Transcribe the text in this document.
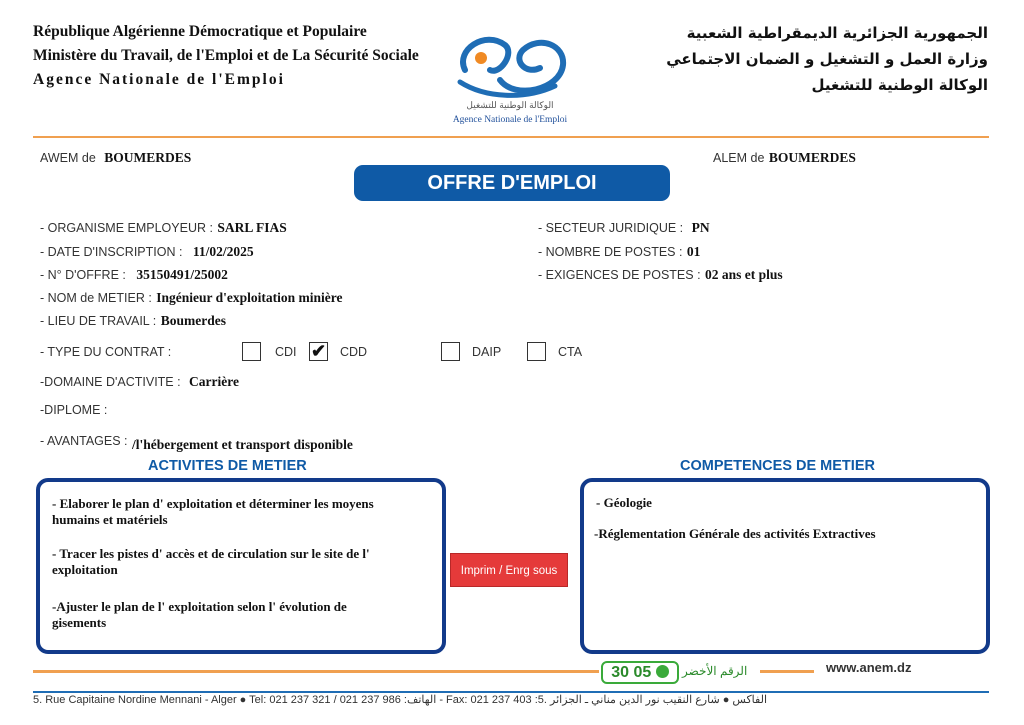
République Algérienne Démocratique et Populaire
Ministère du Travail, de l'Emploi et de La Sécurité Sociale
Agence Nationale de l'Emploi
الوكالة الوطنية للتشغيل
Agence Nationale de l'Emploi
الجمهورية الجزائرية الديمقراطية الشعبية
وزارة العمل و التشغيل و الضمان الاجتماعي
الوكالة الوطنية للتشغيل
AWEM de BOUMERDES	ALEM de BOUMERDES
OFFRE D'EMPLOI
- ORGANISME EMPLOYEUR : SARL FIAS
- DATE D'INSCRIPTION : 11/02/2025
- N° D'OFFRE : 35150491/25002
- NOM de METIER : Ingénieur d'exploitation minière
- LIEU DE TRAVAIL : Boumerdes
- SECTEUR JURIDIQUE : PN
- NOMBRE DE POSTES : 01
- EXIGENCES DE POSTES : 02 ans et plus
- TYPE DU CONTRAT :	CDI ✔ CDD	DAIP	CTA
-DOMAINE D'ACTIVITE : Carrière
-DIPLOME :
- AVANTAGES : $_{/l'hébergement et transport disponible}$
ACTIVITES DE METIER
- Elaborer le plan d' exploitation et déterminer les moyens
humains et matériels
- Tracer les pistes d' accès et de circulation sur le site de l'
exploitation
-Ajuster le plan de l' exploitation selon l' évolution de
gisements
Imprim / Enrg sous
COMPETENCES DE METIER
- Géologie
-Réglementation Générale des activités Extractives
30 05	الرقم الأخضر	www.anem.dz
5. Rue Capitaine Nordine Mennani - Alger ● Tel: 021 237 321 / 021 237 986 :الهاتف - Fax: 021 237 403 :الفاكس ● شارع النقيب نور الدين مناني ـ الجزائر .5
